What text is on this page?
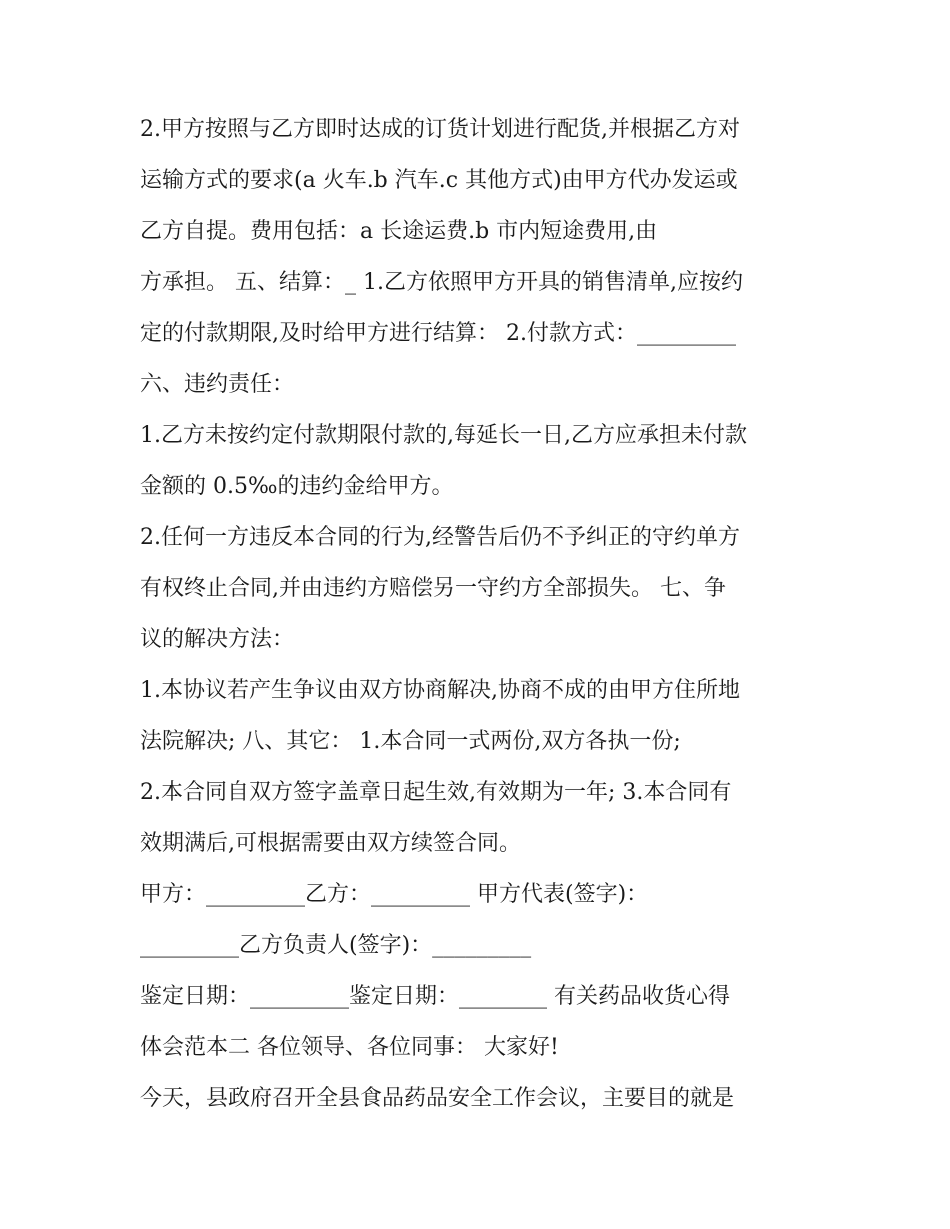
2.甲方按照与乙方即时达成的订货计划进行配货,并根据乙方对
运输方式的要求(a 火车.b 汽车.c 其他方式)由甲方代办发运或
乙方自提。费用包括：a 长途运费.b 市内短途费用,由
方承担。 五、结算：_ 1.乙方依照甲方开具的销售清单,应按约
定的付款期限,及时给甲方进行结算： 2.付款方式：_________
六、违约责任：
1.乙方未按约定付款期限付款的,每延长一日,乙方应承担未付款
金额的 0.5‰的违约金给甲方。
2.任何一方违反本合同的行为,经警告后仍不予纠正的守约单方
有权终止合同,并由违约方赔偿另一守约方全部损失。 七、争
议的解决方法：
1.本协议若产生争议由双方协商解决,协商不成的由甲方住所地
法院解决; 八、其它： 1.本合同一式两份,双方各执一份;
2.本合同自双方签字盖章日起生效,有效期为一年; 3.本合同有
效期满后,可根据需要由双方续签合同。
甲方：_________乙方：_________ 甲方代表(签字)：
_________乙方负责人(签字)：_________
鉴定日期：_________鉴定日期：________ 有关药品收货心得
体会范本二 各位领导、各位同事： 大家好!
今天，县政府召开全县食品药品安全工作会议，主要目的就是
